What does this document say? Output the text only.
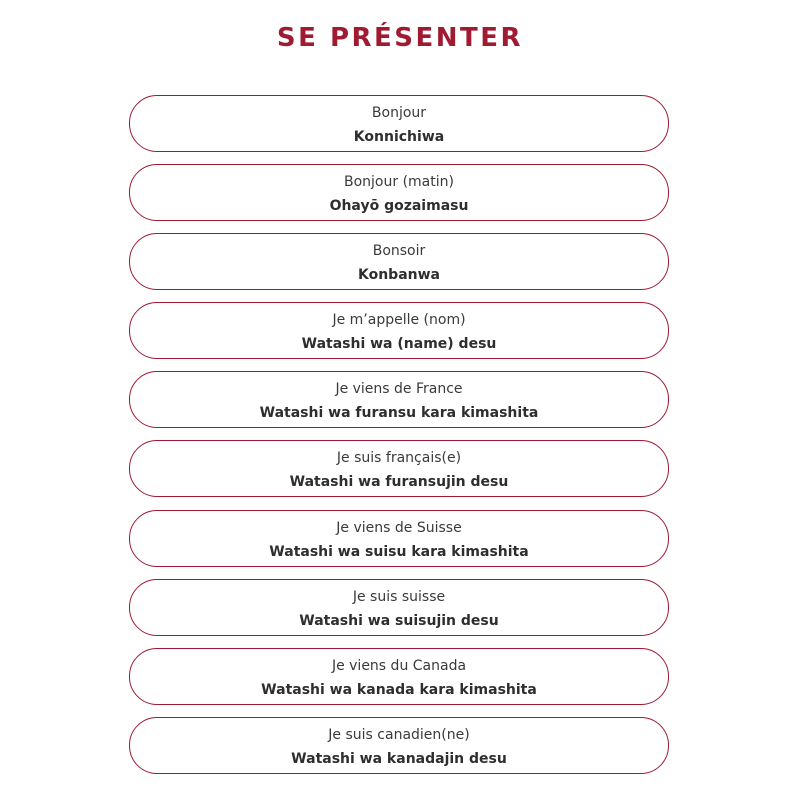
SE PRÉSENTER
Bonjour
Konnichiwa
Bonjour (matin)
Ohayō gozaimasu
Bonsoir
Konbanwa
Je m’appelle (nom)
Watashi wa (name) desu
Je viens de France
Watashi wa furansu kara kimashita
Je suis français(e)
Watashi wa furansujin desu
Je viens de Suisse
Watashi wa suisu kara kimashita
Je suis suisse
Watashi wa suisujin desu
Je viens du Canada
Watashi wa kanada kara kimashita
Je suis canadien(ne)
Watashi wa kanadajin desu
